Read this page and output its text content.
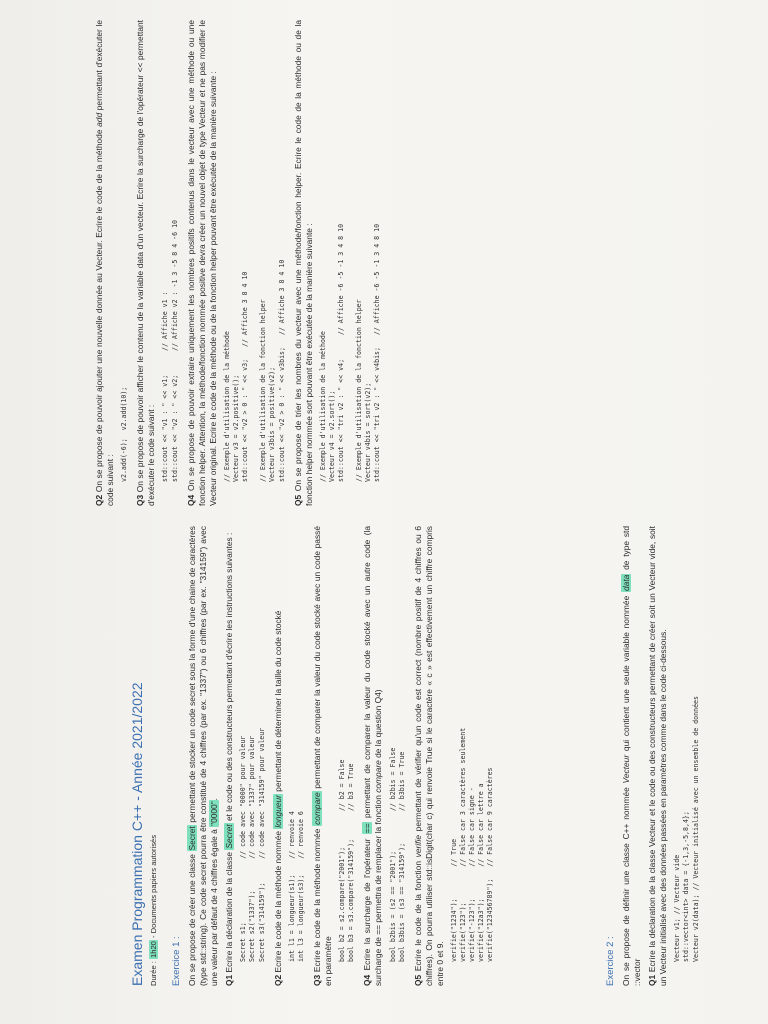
Examen Programmation C++ - Année 2021/2022 Durée : 1h20 - Documents papiers autorisés
Exercice 1 : On se propose de créer une classe Secret permettant de stocker un code secret sous la forme d'une chaine de caractères (type std::string). Ce code secret pourra être constitué de 4 chiffres (par ex. "1337") ou 6 chiffres (par ex. "314159") avec une valeur par défaut de 4 chiffres égale à "0000".

Q1 Ecrire la déclaration de la classe Secret et le code ou des constructeurs permettant d'écrire les instructions suivantes :

Secret s1;                // code avec "0000" pour valeur
Secret s2("1337");        // code avec "1337" pour valeur
Secret s3("314159");      // code avec "314159" pour valeur

Q2 Ecrire le code de la méthode nommée longueur permettant de déterminer la taille du code stocké

int l1 = longueur(s1);    // renvoie 4
int l3 = longueur(s3);    // renvoie 6

Q3 Ecrire le code de la méthode nommée compare permettant de comparer la valeur du code stocké avec un code passé en paramètre bool b2 = s2.compare("2001");         // b2 = False
bool b3 = s3.compare("314159");       // b3 = True

Q4 Ecrire la surcharge de l'opérateur == permettant de comparer la valeur du code stocké avec un autre code (la surcharge de == permettra de remplacer la fonction compare de la question Q4)

bool b2bis = (s2 == "2001");          // b2bis = False
bool b3bis = (s3 == "314159");        // b3bis = True

Q5 Ecrire le code de la fonction verifie permettant de vérifier qu'un code est correct (nombre positif de 4 chiffres ou 6 chiffres). On pourra utiliser std::isDigit(char c) qui renvoie True si le caractère « c » est effectivement un chiffre compris entre 0 et 9.

verifie("1234");        // True
verifie("123");         // False car 3 caractères seulement
verifie("-123");        // False car signe -
verifie("12a3");        // False car lettre a
verifie("123456789");   // False car 9 caractères
Exercice 2 : On se propose de définir une classe C++ nommée Vecteur qui contient une seule variable nommée data de type std ::vector Q1 Ecrire la déclaration de la classe Vecteur et le code ou des constructeurs permettant de créer soit un Vecteur vide, soit un Vecteur initialisé avec des données passées en paramètres comme dans le code ci-dessous. Vecteur v1; // Vecteur vide
std::vector<int> data = {-1,3,-5,8,4};
Vecteur v2(data); // Vecteur initialisé avec un ensemble de données

Q2 On se propose de pouvoir ajouter une nouvelle donnée au Vecteur. Ecrire le code de la méthode add permettant d'exécuter le code suivant : v2.add(-6);  v2.add(10);

Q3 On se propose de pouvoir afficher le contenu de la variable data d'un vecteur. Ecrire la surcharge de l'opérateur << permettant d'exécuter le code suivant : std::cout << "v1 : " << v1;      // Affiche v1 :
std::cout << "v2 : " << v2;      // Affiche v2 : -1 3 -5 8 4 -6 10

Q4 On se propose de pouvoir extraire uniquement les nombres positifs contenus dans le vecteur avec une méthode ou une fonction helper. Attention, la méthode/fonction nommée positive devra créer un nouvel objet de type Vecteur et ne pas modifier le Vecteur original. Ecrire le code de la méthode ou de la fonction helper pouvant être exécutée de la manière suivante : // Exemple d'utilisation de la méthode
Vecteur v3 = v2.positive();
std::cout << "v2 > 0 : " << v3;   // Affiche 3 8 4 10

// Exemple d'utilisation de la fonction helper
Vecteur v3bis = positive(v2);
std::cout << "v2 > 0 : " << v3bis;   // Affiche 3 8 4 10

Q5 On se propose de trier les nombres du vecteur avec une méthode/fonction helper. Ecrire le code de la méthode ou de la fonction helper nommée sort pouvant être exécutée de la manière suivante : // Exemple d'utilisation de la méthode
Vecteur v4 = v2.sort();
std::cout << "tri v2 : " << v4;      // Affiche -6 -5 -1 3 4 8 10

// Exemple d'utilisation de la fonction helper
Vecteur v4bis = sort(v2);
std::cout << "tri v2 : " << v4bis;   // Affiche -6 -5 -1 3 4 8 10
